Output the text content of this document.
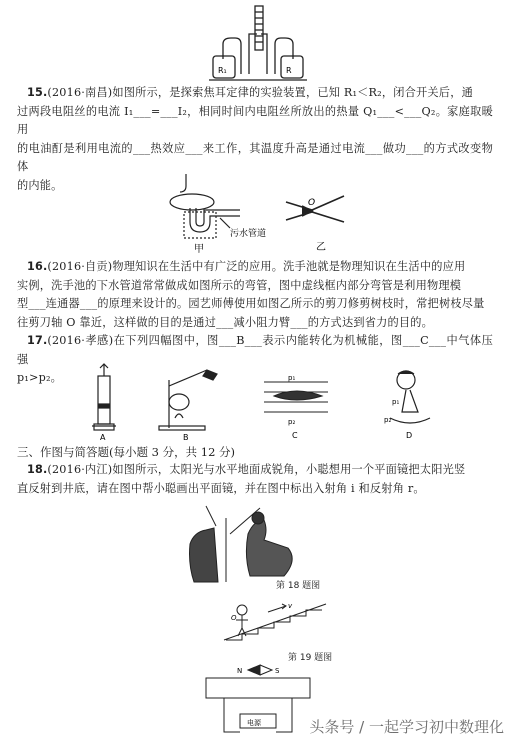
R₁	R
15.(2016·南昌)如图所示，是探索焦耳定律的实验装置，已知 R₁＜R₂，闭合开关后，通
过两段电阻丝的电流 I₁___=___I₂，相同时间内电阻丝所放出的热量 Q₁___<___Q₂。家庭取暖用
的电油酊是利用电流的___热效应___来工作，其温度升高是通过电流___做功___的方式改变物体
的内能。
污水管道
甲
O
乙
16.(2016·自贡)物理知识在生活中有广泛的应用。洗手池就是物理知识在生活中的应用
实例，洗手池的下水管道常常做成如图所示的弯管，图中虚线框内部分弯管是利用物理模
型___连通器___的原理来设计的。园艺师傅使用如图乙所示的剪刀修剪树枝时，常把树枝尽量
往剪刀轴 O 靠近，这样做的目的是通过___减小阻力臂___的方式达到省力的目的。
17.(2016·孝感)在下列四幅图中，图___B___表示内能转化为机械能，图___C___中气体压强
p₁>p₂。
A	B
p₁
p₂
C
p₁
p₂
D
三、作图与简答题(每小题 3 分，共 12 分)
18.(2016·内江)如图所示，太阳光与水平地面成锐角，小聪想用一个平面镜把太阳光竖
直反射到井底，请在图中帮小聪画出平面镜，并在图中标出入射角 i 和反射角 r。
第 18 题图
O
v
第 19 题图
N	S
电源	头条号 / 一起学习初中数理化
